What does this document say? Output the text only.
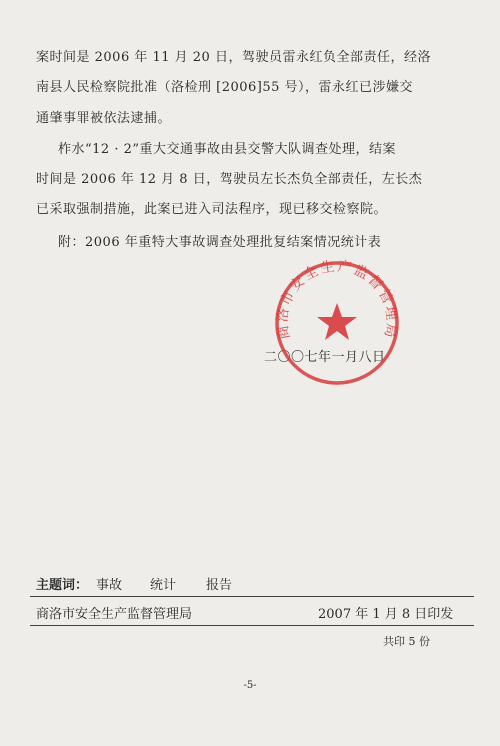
案时间是 2006 年 11 月 20 日，驾驶员雷永红负全部责任，经洛
南县人民检察院批准（洛检刑 [2006]55 号），雷永红已涉嫌交
通肇事罪被依法逮捕。
柞水“12 · 2”重大交通事故由县交警大队调查处理，结案
时间是 2006 年 12 月 8 日，驾驶员左长杰负全部责任，左长杰
已采取强制措施，此案已进入司法程序，现已移交检察院。
附：2006 年重特大事故调查处理批复结案情况统计表
二〇〇七年一月八日
商洛市安全生产监督管理局
主题词： 事故 统计 报告
商洛市安全生产监督管理局	2007 年 1 月 8 日印发
共印 5 份
-5-
